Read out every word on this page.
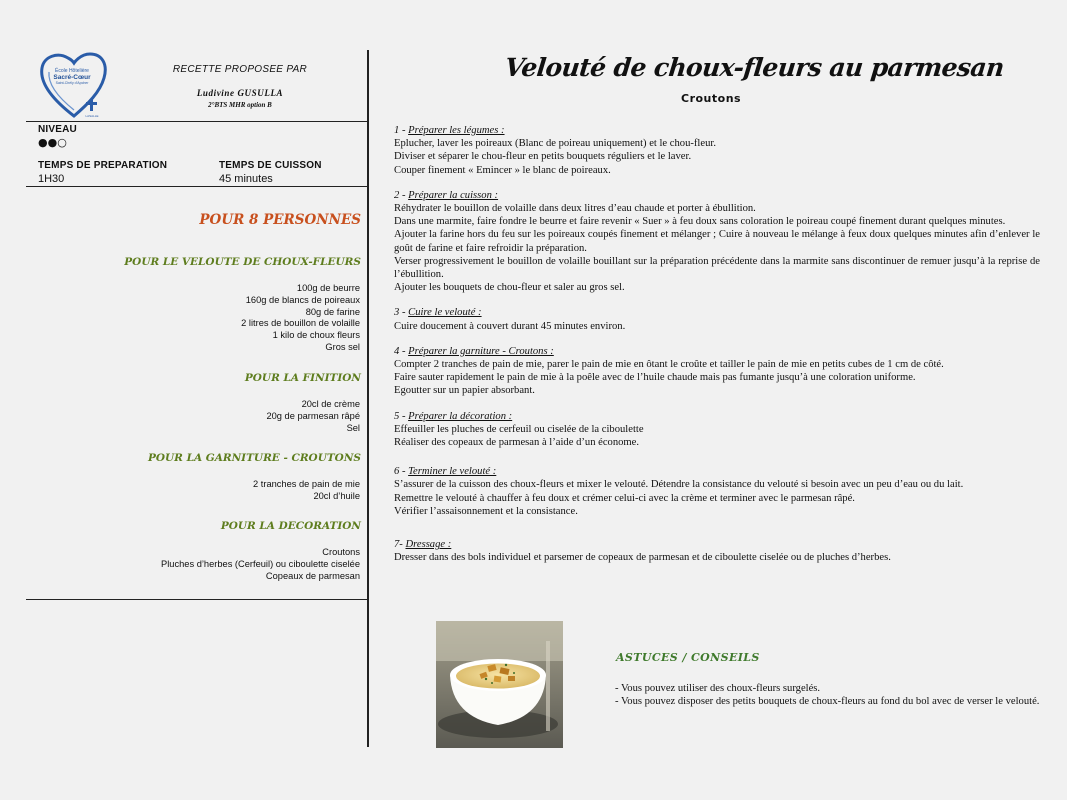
École Hôtelière
Sacré-Cœur
Saint-Chély d'Apcher
LASALLE
RECETTE PROPOSEE PAR
Ludivine GUSULLA
2°BTS MHR option B
NIVEAU
●●○
TEMPS DE PREPARATION
1H30
TEMPS DE CUISSON
45 minutes
POUR 8 PERSONNES
POUR LE VELOUTE DE CHOUX-FLEURS
100g de beurre
160g de blancs de poireaux
80g de farine
2 litres de bouillon de volaille
1 kilo de choux fleurs
Gros sel
POUR LA FINITION
20cl de crème
20g de parmesan râpé
Sel
POUR LA GARNITURE - CROUTONS
2 tranches de pain de mie
20cl d’huile
POUR LA DECORATION
Croutons
Pluches d’herbes (Cerfeuil) ou ciboulette ciselée
Copeaux de parmesan
Velouté de choux-fleurs au parmesan
Croutons

1 - Préparer les légumes :

Eplucher, laver les poireaux (Blanc de poireau uniquement) et le chou-fleur.

Diviser et séparer le chou-fleur en petits bouquets réguliers et le laver.

Couper finement « Emincer » le blanc de poireaux.

2 - Préparer la cuisson :

Réhydrater le bouillon de volaille dans deux litres d’eau chaude et porter à ébullition.

Dans une marmite, faire fondre le beurre et faire revenir « Suer » à feu doux sans coloration le poireau coupé finement durant quelques minutes.

Ajouter la farine hors du feu sur les poireaux coupés finement et mélanger ; Cuire à nouveau le mélange à feux doux quelques minutes afin d’enlever le goût de farine et faire refroidir la préparation.

Verser progressivement le bouillon de volaille bouillant sur la préparation précédente dans la marmite sans discontinuer de remuer jusqu’à la reprise de l’ébullition.

Ajouter les bouquets de chou-fleur et saler au gros sel.

3 - Cuire le velouté :

Cuire doucement à couvert durant 45 minutes environ.

4 - Préparer la garniture - Croutons :

Compter 2 tranches de pain de mie, parer le pain de mie en ôtant le croûte et tailler le pain de mie en petits cubes de 1 cm de côté.

Faire sauter rapidement le pain de mie à la poêle avec de l’huile chaude mais pas fumante jusqu’à une coloration uniforme.

Egoutter sur un papier absorbant.

5 - Préparer la décoration :

Effeuiller les pluches de cerfeuil ou ciselée de la ciboulette

Réaliser des copeaux de parmesan à l’aide d’un économe.

6 - Terminer le velouté :

S’assurer de la cuisson des choux-fleurs et mixer le velouté. Détendre la consistance du velouté si besoin avec un peu d’eau ou du lait.

Remettre le velouté à chauffer à feu doux et crémer celui-ci avec la crème et terminer avec le parmesan râpé.

Vérifier l’assaisonnement et la consistance.

7- Dressage :

Dresser dans des bols individuel et parsemer de copeaux de parmesan et de ciboulette ciselée ou de pluches d’herbes.

ASTUCES / CONSEILS

- Vous pouvez utiliser des choux-fleurs surgelés.

- Vous pouvez disposer des petits bouquets de choux-fleurs au fond du bol avec de verser le velouté.
